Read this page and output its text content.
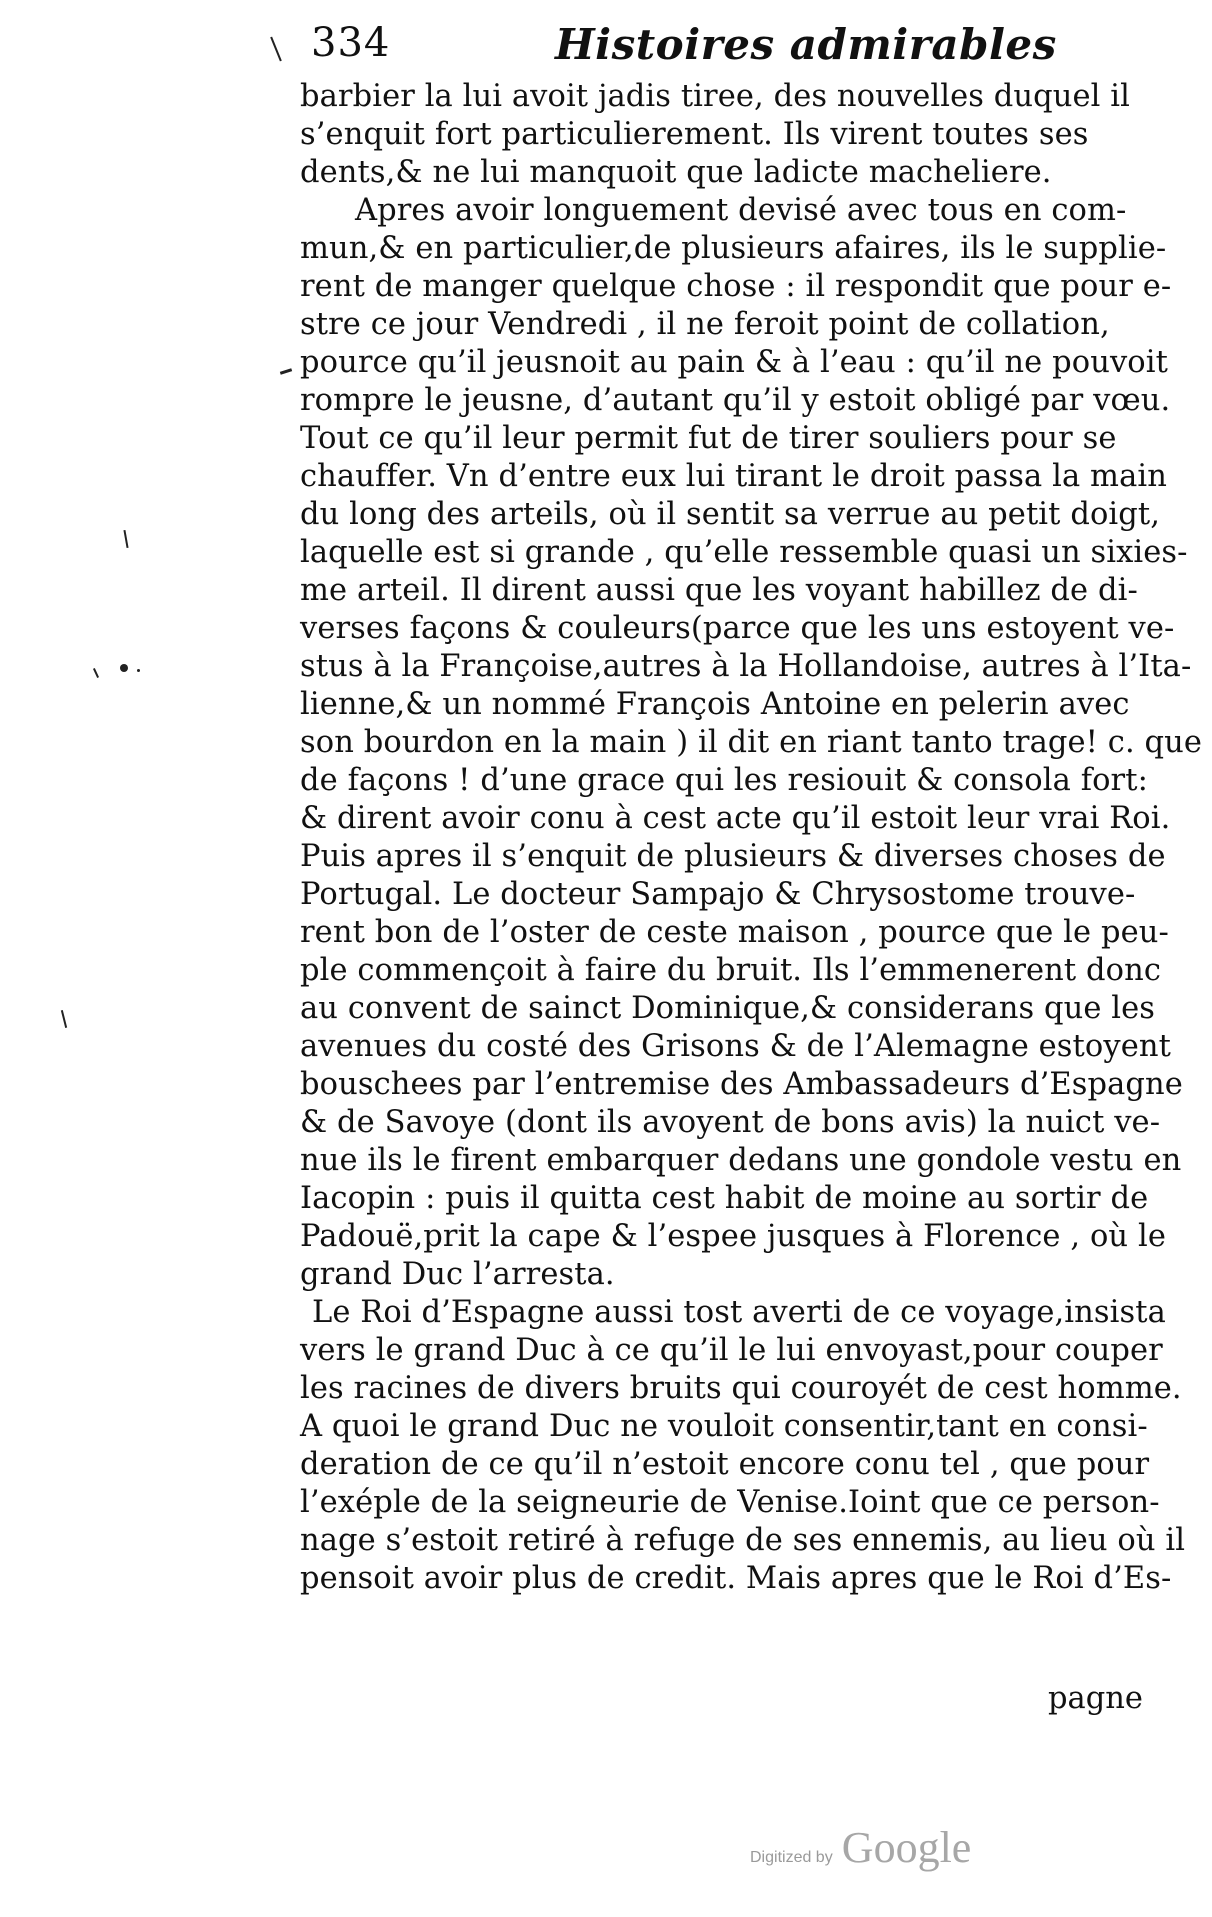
334	Histoires admirables
barbier la lui avoit jadis tiree, des nouvelles duquel il
s’enquit fort particulierement. Ils virent toutes ses
dents,& ne lui manquoit que ladicte macheliere.
Apres avoir longuement devisé avec tous en com-
mun,& en particulier,de plusieurs afaires, ils le supplie-
rent de manger quelque chose : il respondit que pour e-
stre ce jour Vendredi , il ne feroit point de collation,
pource qu’il jeusnoit au pain & à l’eau : qu’il ne pouvoit
rompre le jeusne, d’autant qu’il y estoit obligé par vœu.
Tout ce qu’il leur permit fut de tirer souliers pour se
chauffer. Vn d’entre eux lui tirant le droit passa la main
du long des arteils, où il sentit sa verrue au petit doigt,
laquelle est si grande , qu’elle ressemble quasi un sixies-
me arteil. Il dirent aussi que les voyant habillez de di-
verses façons & couleurs(parce que les uns estoyent ve-
stus à la Françoise,autres à la Hollandoise, autres à l’Ita-
lienne,& un nommé François Antoine en pelerin avec
son bourdon en la main ) il dit en riant tanto trage! c. que
de façons ! d’une grace qui les resiouit & consola fort:
& dirent avoir conu à cest acte qu’il estoit leur vrai Roi.
Puis apres il s’enquit de plusieurs & diverses choses de
Portugal. Le docteur Sampajo & Chrysostome trouve-
rent bon de l’oster de ceste maison , pource que le peu-
ple commençoit à faire du bruit. Ils l’emmenerent donc
au convent de sainct Dominique,& considerans que les
avenues du costé des Grisons & de l’Alemagne estoyent
bouschees par l’entremise des Ambassadeurs d’Espagne
& de Savoye (dont ils avoyent de bons avis) la nuict ve-
nue ils le firent embarquer dedans une gondole vestu en
Iacopin : puis il quitta cest habit de moine au sortir de
Padouë,prit la cape & l’espee jusques à Florence , où le
grand Duc l’arresta.
Le Roi d’Espagne aussi tost averti de ce voyage,insista
vers le grand Duc à ce qu’il le lui envoyast,pour couper
les racines de divers bruits qui couroyét de cest homme.
A quoi le grand Duc ne vouloit consentir,tant en consi-
deration de ce qu’il n’estoit encore conu tel , que pour
l’exéple de la seigneurie de Venise.Ioint que ce person-
nage s’estoit retiré à refuge de ses ennemis, au lieu où il
pensoit avoir plus de credit. Mais apres que le Roi d’Es-
pagne
Digitized by Google
